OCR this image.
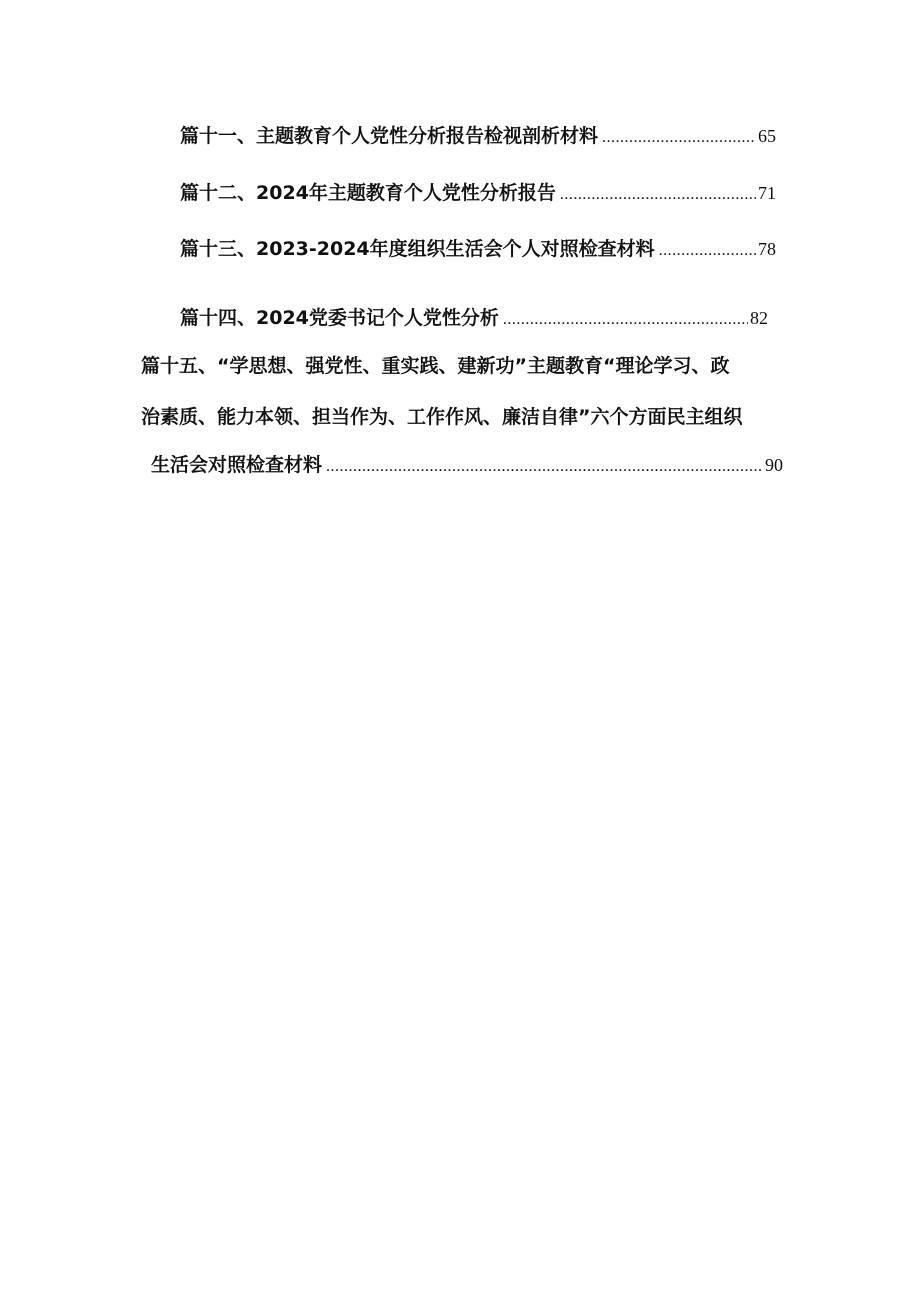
篇十一、主题教育个人党性分析报告检视剖析材料 .....	65
篇十二、2024年主题教育个人党性分析报告 .....	71
篇十三、2023-2024年度组织生活会个人对照检查材料 .....	78
篇十四、2024党委书记个人党性分析 .....	82
篇十五、“学思想、强党性、重实践、建新功”主题教育“理论学习、政
治素质、能力本领、担当作为、工作作风、廉洁自律”六个方面民主组织
生活会对照检查材料 .....	90
